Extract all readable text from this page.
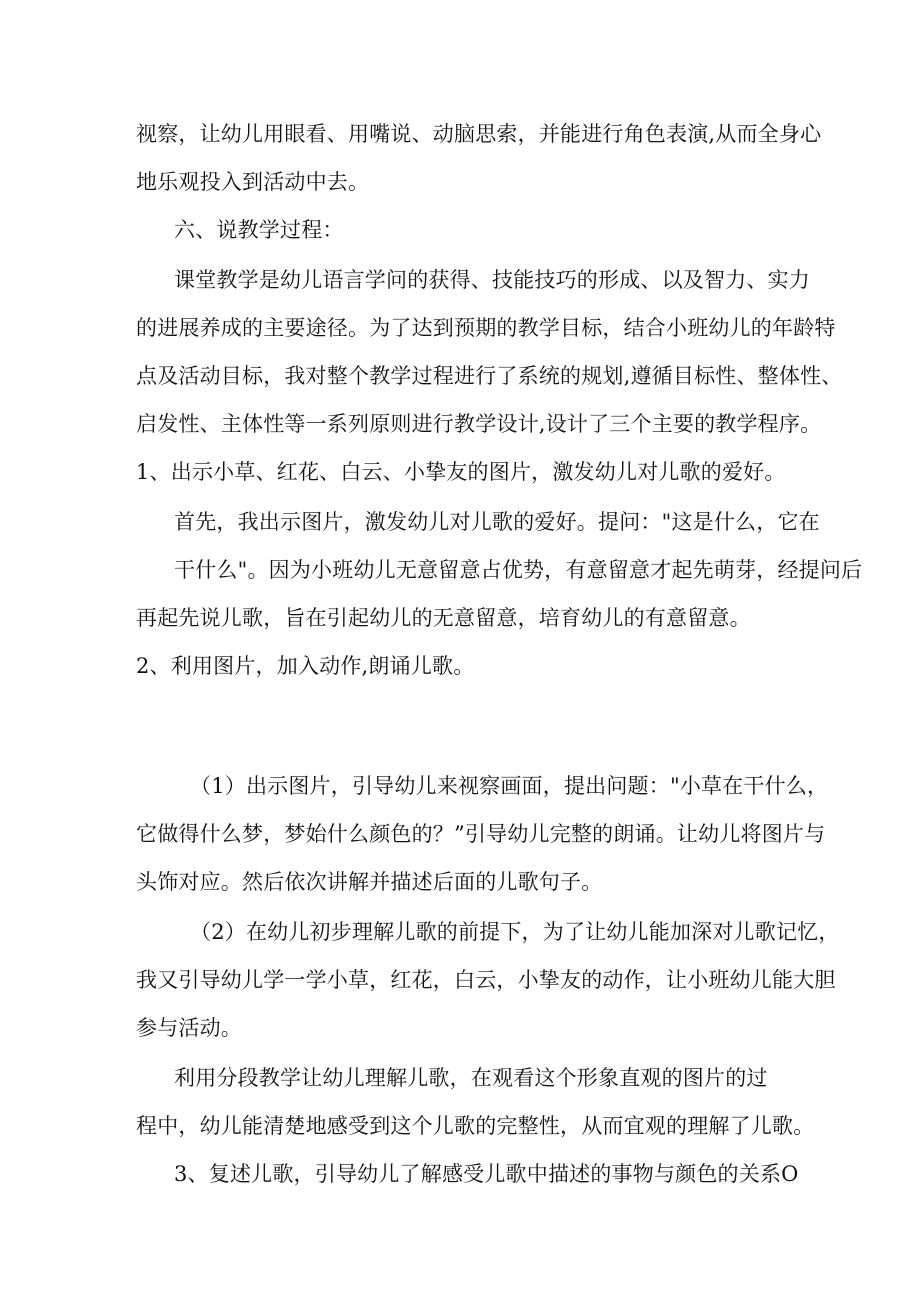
视察，让幼儿用眼看、用嘴说、动脑思索，并能进行角色表演,从而全身心
地乐观投入到活动中去。
六、说教学过程：
课堂教学是幼儿语言学问的获得、技能技巧的形成、以及智力、实力
的进展养成的主要途径。为了达到预期的教学目标，结合小班幼儿的年龄特
点及活动目标，我对整个教学过程进行了系统的规划,遵循目标性、整体性、
启发性、主体性等一系列原则进行教学设计,设计了三个主要的教学程序。
1、出示小草、红花、白云、小挚友的图片，激发幼儿对儿歌的爱好。
首先，我出示图片，激发幼儿对儿歌的爱好。提问："这是什么，它在
干什么"。因为小班幼儿无意留意占优势，有意留意才起先萌芽，经提问后
再起先说儿歌，旨在引起幼儿的无意留意，培育幼儿的有意留意。
2、利用图片，加入动作,朗诵儿歌。
（1）出示图片，引导幼儿来视察画面，提出问题："小草在干什么，
它做得什么梦，梦始什么颜色的？”引导幼儿完整的朗诵。让幼儿将图片与
头饰对应。然后依次讲解并描述后面的儿歌句子。
（2）在幼儿初步理解儿歌的前提下，为了让幼儿能加深对儿歌记忆，
我又引导幼儿学一学小草，红花，白云，小挚友的动作，让小班幼儿能大胆
参与活动。
利用分段教学让幼儿理解儿歌，在观看这个形象直观的图片的过
程中，幼儿能清楚地感受到这个儿歌的完整性，从而宜观的理解了儿歌。
3、复述儿歌，引导幼儿了解感受儿歌中描述的事物与颜色的关系O
